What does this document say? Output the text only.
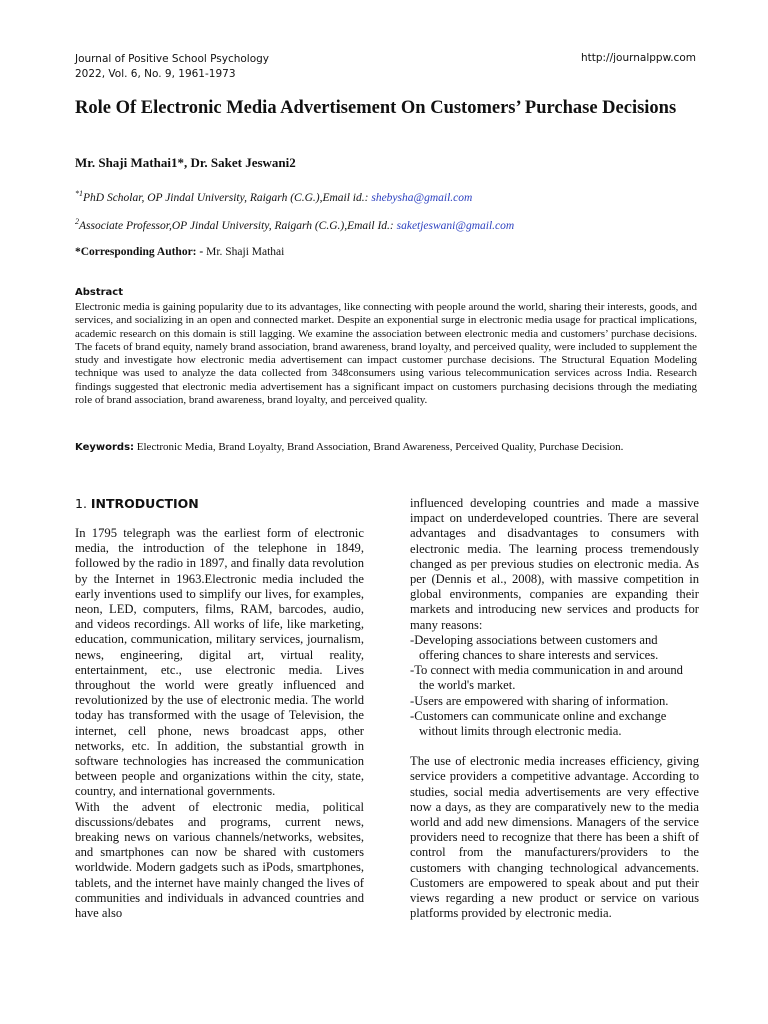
Journal of Positive School Psychology
2022, Vol. 6, No. 9, 1961-1973
http://journalppw.com
Role Of Electronic Media Advertisement On Customers’ Purchase Decisions
Mr. Shaji Mathai1*, Dr. Saket Jeswani2
$^{*1}$PhD Scholar, OP Jindal University, Raigarh (C.G.),Email id.: shebysha@gmail.com
$^2$Associate Professor,OP Jindal University, Raigarh (C.G.),Email Id.: saketjeswani@gmail.com
*Corresponding Author: - Mr. Shaji Mathai
Abstract
Electronic media is gaining popularity due to its advantages, like connecting with people around the world, sharing their interests, goods, and services, and socializing in an open and connected market. Despite an exponential surge in electronic media usage for practical implications, academic research on this domain is still lagging. We examine the association between electronic media and customers’ purchase decisions. The facets of brand equity, namely brand association, brand awareness, brand loyalty, and perceived quality, were included to supplement the study and investigate how electronic media advertisement can impact customer purchase decisions. The Structural Equation Modeling technique was used to analyze the data collected from 348consumers using various telecommunication services across India. Research findings suggested that electronic media advertisement has a significant impact on customers purchasing decisions through the mediating role of brand association, brand awareness, brand loyalty, and perceived quality.
Keywords: Electronic Media, Brand Loyalty, Brand Association, Brand Awareness, Perceived Quality, Purchase Decision.
1. INTRODUCTION

In 1795 telegraph was the earliest form of electronic media, the introduction of the telephone in 1849, followed by the radio in 1897, and finally data revolution by the Internet in 1963.Electronic media included the early inventions used to simplify our lives, for examples, neon, LED, computers, films, RAM, barcodes, audio, and videos recordings. All works of life, like marketing, education, communication, military services, journalism, news, engineering, digital art, virtual reality, entertainment, etc., use electronic media. Lives throughout the world were greatly influenced and revolutionized by the use of electronic media. The world today has transformed with the usage of Television, the internet, cell phone, news broadcast apps, other networks, etc. In addition, the substantial growth in software technologies has increased the communication between people and organizations within the city, state, country, and international governments.

With the advent of electronic media, political discussions/debates and programs, current news, breaking news on various channels/networks, websites, and smartphones can now be shared with customers worldwide. Modern gadgets such as iPods, smartphones, tablets, and the internet have mainly changed the lives of communities and individuals in advanced countries and have also

influenced developing countries and made a massive impact on underdeveloped countries. There are several advantages and disadvantages to consumers with electronic media. The learning process tremendously changed as per previous studies on electronic media. As per (Dennis et al., 2008), with massive competition in global environments, companies are expanding their markets and introducing new services and products for many reasons:

-Developing associations between customers and offering chances to share interests and services.

-To connect with media communication in and around the world's market.

-Users are empowered with sharing of information.

-Customers can communicate online and exchange without limits through electronic media.

The use of electronic media increases efficiency, giving service providers a competitive advantage. According to studies, social media advertisements are very effective now a days, as they are comparatively new to the media world and add new dimensions. Managers of the service providers need to recognize that there has been a shift of control from the manufacturers/providers to the customers with changing technological advancements. Customers are empowered to speak about and put their views regarding a new product or service on various platforms provided by electronic media.
